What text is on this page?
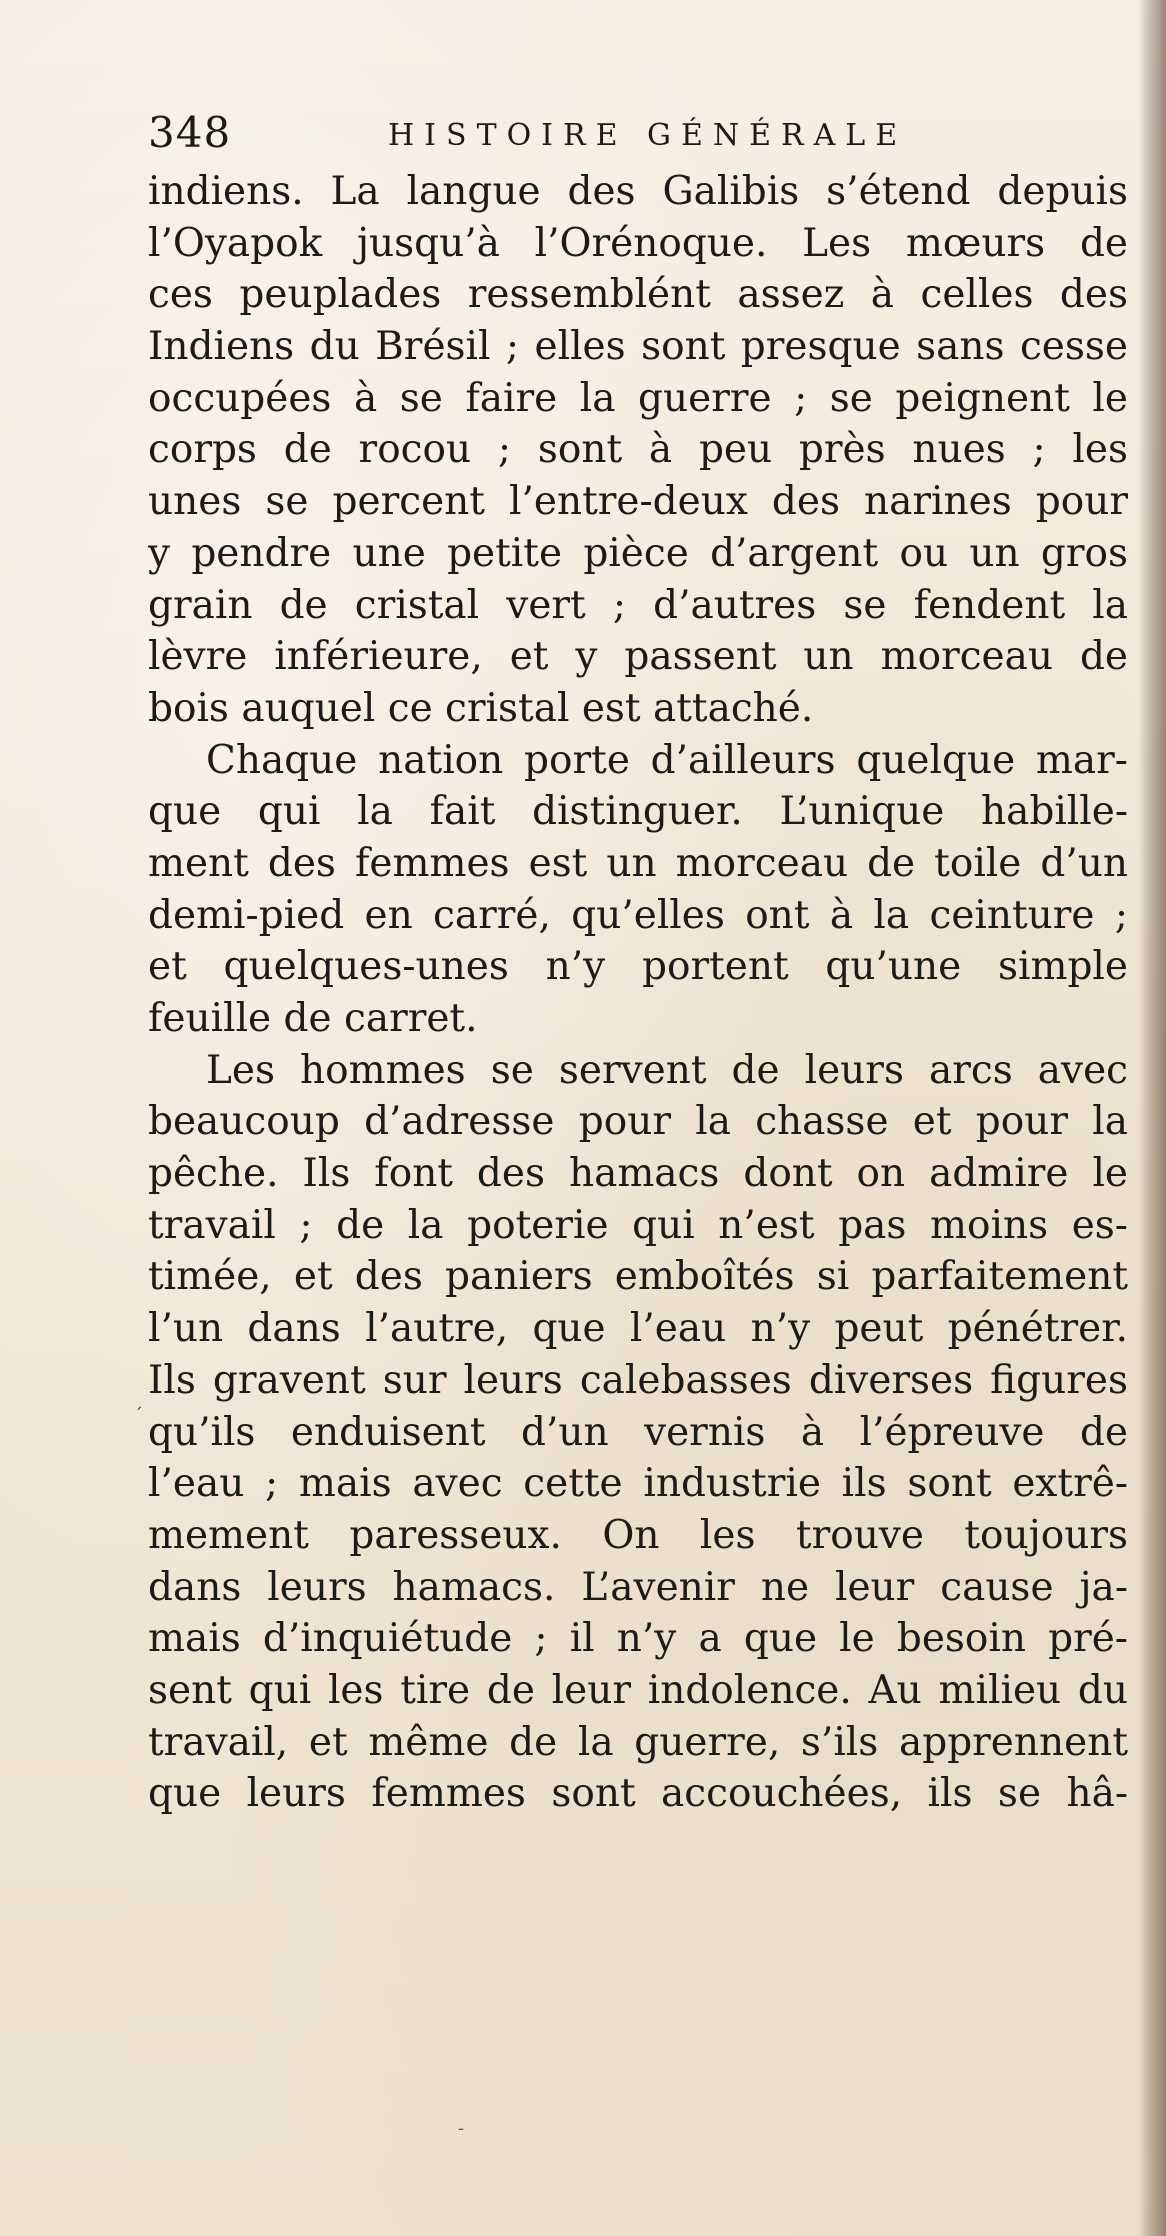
348	HISTOIRE GÉNÉRALE
indiens. La langue des Galibis s’étend depuis
l’Oyapok jusqu’à l’Orénoque. Les mœurs de
ces peuplades ressemblént assez à celles des
Indiens du Brésil ; elles sont presque sans cesse
occupées à se faire la guerre ; se peignent le
corps de rocou ; sont à peu près nues ; les
unes se percent l’entre-deux des narines pour
y pendre une petite pièce d’argent ou un gros
grain de cristal vert ; d’autres se fendent la
lèvre inférieure, et y passent un morceau de
bois auquel ce cristal est attaché.
Chaque nation porte d’ailleurs quelque mar-
que qui la fait distinguer. L’unique habille-
ment des femmes est un morceau de toile d’un
demi-pied en carré, qu’elles ont à la ceinture ;
et quelques-unes n’y portent qu’une simple
feuille de carret.
Les hommes se servent de leurs arcs avec
beaucoup d’adresse pour la chasse et pour la
pêche. Ils font des hamacs dont on admire le
travail ; de la poterie qui n’est pas moins es-
timée, et des paniers emboîtés si parfaitement
l’un dans l’autre, que l’eau n’y peut pénétrer.
Ils gravent sur leurs calebasses diverses figures
qu’ils enduisent d’un vernis à l’épreuve de
l’eau ; mais avec cette industrie ils sont extrê-
mement paresseux. On les trouve toujours
dans leurs hamacs. L’avenir ne leur cause ja-
mais d’inquiétude ; il n’y a que le besoin pré-
sent qui les tire de leur indolence. Au milieu du
travail, et même de la guerre, s’ils apprennent
que leurs femmes sont accouchées, ils se hâ-
´
-
